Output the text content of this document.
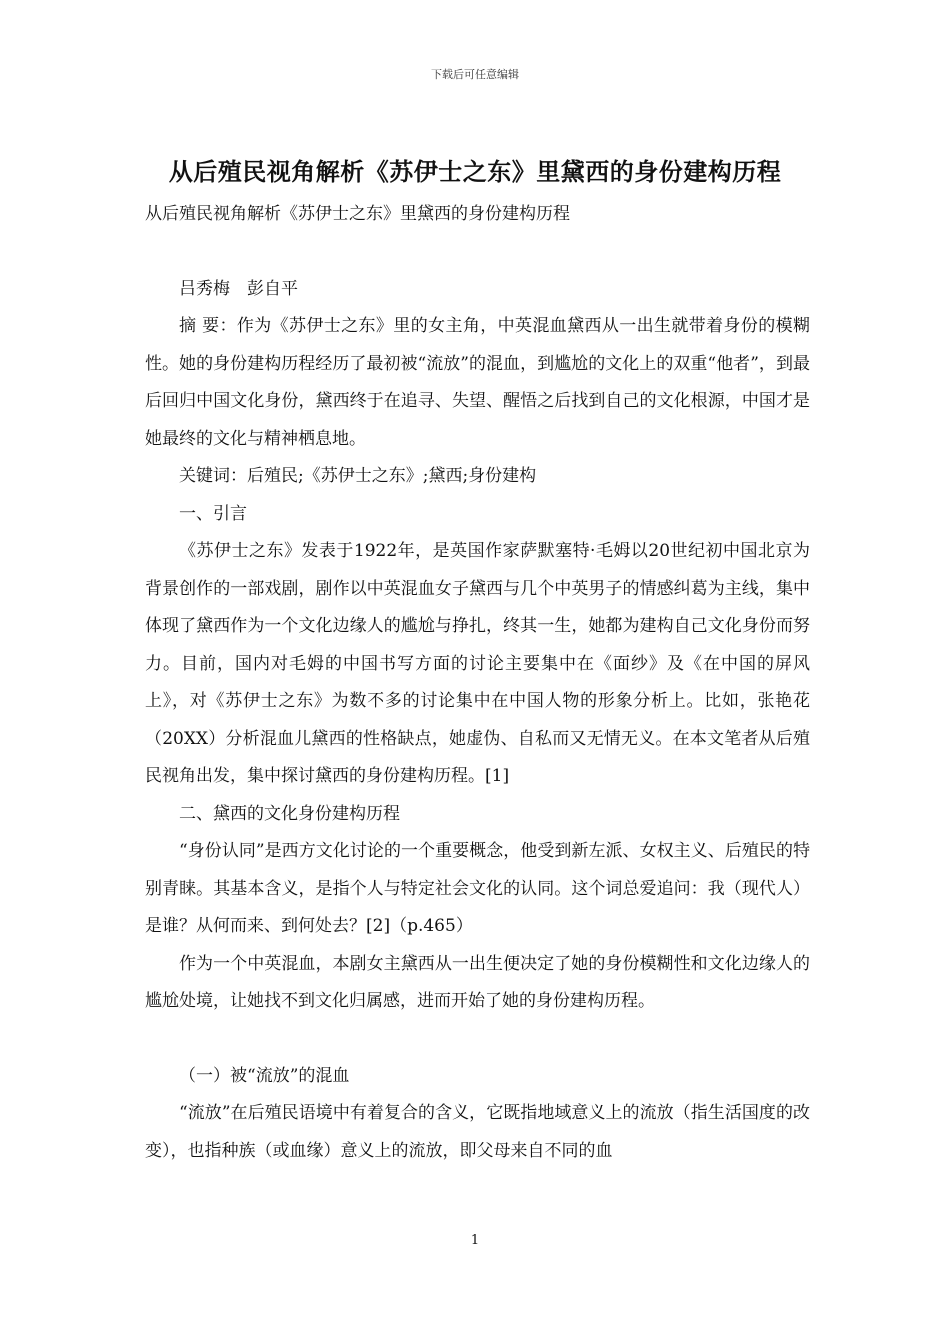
下载后可任意编辑
从后殖民视角解析《苏伊士之东》里黛西的身份建构历程

从后殖民视角解析《苏伊士之东》里黛西的身份建构历程

吕秀梅　彭自平

摘 要：作为《苏伊士之东》里的女主角，中英混血黛西从一出生就带着身份的模糊性。她的身份建构历程经历了最初被“流放”的混血，到尴尬的文化上的双重“他者”，到最后回归中国文化身份，黛西终于在追寻、失望、醒悟之后找到自己的文化根源，中国才是她最终的文化与精神栖息地。

关键词：后殖民;《苏伊士之东》;黛西;身份建构

一、引言

《苏伊士之东》发表于1922年，是英国作家萨默塞特·毛姆以20世纪初中国北京为背景创作的一部戏剧，剧作以中英混血女子黛西与几个中英男子的情感纠葛为主线，集中体现了黛西作为一个文化边缘人的尴尬与挣扎，终其一生，她都为建构自己文化身份而努力。目前，国内对毛姆的中国书写方面的讨论主要集中在《面纱》及《在中国的屏风上》，对《苏伊士之东》为数不多的讨论集中在中国人物的形象分析上。比如，张艳花（20XX）分析混血儿黛西的性格缺点，她虚伪、自私而又无情无义。在本文笔者从后殖民视角出发，集中探讨黛西的身份建构历程。[1]

二、黛西的文化身份建构历程

“身份认同”是西方文化讨论的一个重要概念，他受到新左派、女权主义、后殖民的特别青睐。其基本含义，是指个人与特定社会文化的认同。这个词总爱追问：我（现代人）是谁？从何而来、到何处去？[2]（p.465）

作为一个中英混血，本剧女主黛西从一出生便决定了她的身份模糊性和文化边缘人的尴尬处境，让她找不到文化归属感，进而开始了她的身份建构历程。

（一）被“流放”的混血

“流放”在后殖民语境中有着复合的含义，它既指地域意义上的流放（指生活国度的改变），也指种族（或血缘）意义上的流放，即父母来自不同的血

1
